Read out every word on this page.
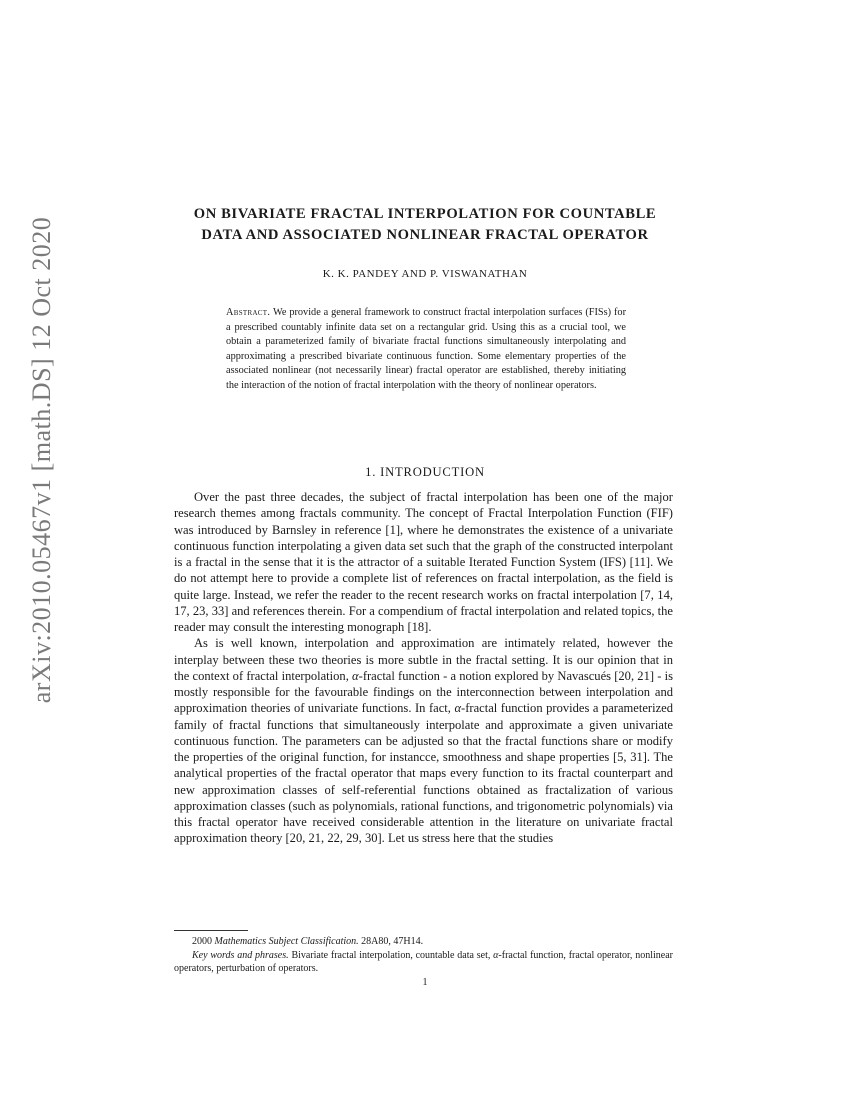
arXiv:2010.05467v1 [math.DS] 12 Oct 2020
ON BIVARIATE FRACTAL INTERPOLATION FOR COUNTABLE
DATA AND ASSOCIATED NONLINEAR FRACTAL OPERATOR
K. K. PANDEY AND P. VISWANATHAN
Abstract. We provide a general framework to construct fractal interpolation surfaces (FISs) for a prescribed countably infinite data set on a rectangular grid. Using this as a crucial tool, we obtain a parameterized family of bivariate fractal functions simultaneously interpolating and approximating a prescribed bivariate continuous function. Some elementary properties of the associated nonlinear (not necessarily linear) fractal operator are established, thereby initiating the interaction of the notion of fractal interpolation with the theory of nonlinear operators.
1. INTRODUCTION

Over the past three decades, the subject of fractal interpolation has been one of the major research themes among fractals community. The concept of Fractal Interpolation Function (FIF) was introduced by Barnsley in reference [1], where he demonstrates the existence of a univariate continuous function interpolating a given data set such that the graph of the constructed interpolant is a fractal in the sense that it is the attractor of a suitable Iterated Function System (IFS) [11]. We do not attempt here to provide a complete list of references on fractal interpolation, as the field is quite large. Instead, we refer the reader to the recent research works on fractal interpolation [7, 14, 17, 23, 33] and references therein. For a compendium of fractal interpolation and related topics, the reader may consult the interesting monograph [18].

As is well known, interpolation and approximation are intimately related, however the interplay between these two theories is more subtle in the fractal setting. It is our opinion that in the context of fractal interpolation, α-fractal function - a notion explored by Navascués [20, 21] - is mostly responsible for the favourable findings on the interconnection between interpolation and approximation theories of univariate functions. In fact, α-fractal function provides a parameterized family of fractal functions that simultaneously interpolate and approximate a given univariate continuous function. The parameters can be adjusted so that the fractal functions share or modify the properties of the original function, for instancce, smoothness and shape properties [5, 31]. The analytical properties of the fractal operator that maps every function to its fractal counterpart and new approximation classes of self-referential functions obtained as fractalization of various approximation classes (such as polynomials, rational functions, and trigonometric polynomials) via this fractal operator have received considerable attention in the literature on univariate fractal approximation theory [20, 21, 22, 29, 30]. Let us stress here that the studies

2000 Mathematics Subject Classification. 28A80, 47H14.

Key words and phrases. Bivariate fractal interpolation, countable data set, α-fractal function, fractal operator, nonlinear operators, perturbation of operators.

1
